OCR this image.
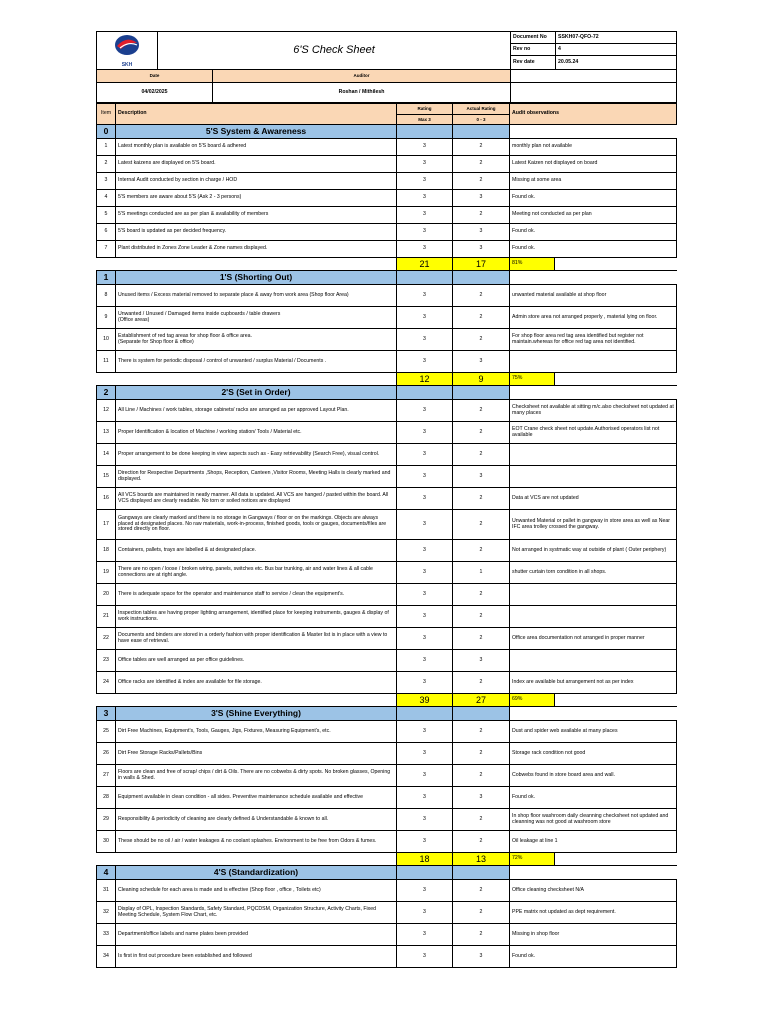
SKH	6'S Check Sheet		Document No	SSKH07-QFO-72
			Rev no	4
			Rev date	20.05.24
Date		Auditor		
04/02/2025		Roshan / Mithilesh		
Item	Description	Rating	Actual Rating	Audit observations	
		Max 3	0 - 3		
0	5'S System & Awareness				
1	Latest monthly plan is available on 5'S board & adhered	3	2	monthly plan not available	
2	Latest kaizens are displayed on 5'S board.	3	2	Latest Kaizen not displayed on board	
3	Internal Audit conducted by section in charge / HOD	3	2	Missing at some area	
4	5'S members are aware about 5'S (Ask 2 - 3 persons)	3	3	Found ok.	
5	5'S meetings conducted are as per plan & availability of members	3	2	Meeting not conducted as per plan	
6	5'S board is updated as per decided frequency.	3	3	Found ok.	
7	Plant distributed in Zones Zone Leader & Zone names displayed.	3	3	Found ok.	
		21	17	81%	
1	1'S (Shorting Out)				
8	Unused items / Excess material removed to separate place & away from work area (Shop floor Area)	3	2	unwanted material available at shop floor	
9	Unwanted / Unused / Damaged items inside cupboards / table drawers
(Office areas)	3	2	Admin store area not arranged properly , material lying on floor.	
10	Establishment of red tag areas for shop floor & office area.
(Separate for Shop floor & office)	3	2	For shop floor area red tag area identified but register not maintain.whereas for office red tag area not identified.	
11	There is system for periodic disposal / control of unwanted / surplus Material / Documents .	3	3		
		12	9	75%	
2	2'S (Set in Order)				
12	All Line / Machines / work tables, storage cabinets/ racks are arranged as per approved Layout Plan.	3	2	Checksheet not available at sitting m/c.also checksheet not updated at many places	
13	Proper Identification & location of Machine / working station/ Tools / Material etc.	3	2	EOT Crane check sheet not update.Authorised operators list not available	
14	Proper arrangement to be done keeping in view aspects such as - Easy retrievability (Search Free), visual control.	3	2		
15	Direction for Respective Departments ,Shops, Reception, Canteen ,Visitor Rooms, Meeting Halls is clearly marked and displayed.	3	3		
16	All VCS boards are maintained in neatly manner. All data is updated. All VCS are hanged / pasted within the board. All VCS displayed are clearly readable. No torn or soiled notices are displayed	3	2	Data at VCS are not updated	
17	Gangways are clearly marked and there is no storage in Gangways / floor or on the markings. Objects are always placed at designated places. No raw materials, work-in-process, finished goods, tools or gauges, documents/files are stored directly on floor.	3	2	Unwanted Material or pallet in gangway in store area as well as Near IFC area trolley crossed the gangway.	
18	Containers, pallets, trays are labelled & at designated place.	3	2	Not arranged in systmatic way at outside of plant ( Outer periphery)	
19	There are no open / loose / broken wiring, panels, switches etc. Bus bar trunking, air and water lines & all cable connections are at right angle.	3	1	shutter curtain torn condition in all shops.	
20	There is adequate space for the operator and maintenance staff to service / clean the equipment's.	3	2		
21	Inspection tables are having proper lighting arrangement, identified place for keeping instruments, gauges & display of work instructions.	3	2		
22	Documents and binders are stored in a orderly fashion with proper identification & Master list is in place with a view to have ease of retrieval.	3	2	Office area documentation not arranged in proper manner	
23	Office tables are well arranged as per office guidelines.	3	3		
24	Office racks are identified & index are available for file storage.	3	2	Index are available but arrangement not as per index	
		39	27	69%	
3	3'S (Shine Everything)				
25	Dirt Free Machines, Equipment's, Tools, Gauges, Jigs, Fixtures, Measuring Equipment's, etc.	3	2	Dust and spider web available at many places	
26	Dirt Free Storage Racks/Pallets/Bins	3	2	Storage rack condition not good	
27	Floors are clean and free of scrap/ chips / dirt & Oils. There are no cobwebs & dirty spots. No broken glasses, Opening in walls & Shed.	3	2	Cobwebs found in store board area and wall.	
28	Equipment available in clean condition - all sides. Preventive maintenance schedule available and effective	3	3	Found ok.	
29	Responsibility & periodicity of cleaning are clearly defined & Understandable & known to all.	3	2	In shop floor washroom daily cleanning checksheet not updated and cleanning was not good at washroom store	
30	These should be no oil / air / water leakages & no coolant splashes. Environment to be free from Odors & fumes.	3	2	Oil leakage at line 1	
		18	13	72%	
4	4'S (Standardization)				
31	Cleaning schedule for each area is made and is effective (Shop floor , office , Toilets etc)	3	2	Office cleaning checksheet N/A	
32	Display of OPL, Inspection Standards, Safety Standard, PQCDSM, Organization Structure, Activity Charts, Fixed Meeting Schedule, System Flow Chart, etc.	3	2	PPE matrix not updated as dept requirement.	
33	Department/office labels and name plates been provided	3	2	Missing in shop floor	
34	Is first in first out procedure been established and followed	3	3	Found ok.	
